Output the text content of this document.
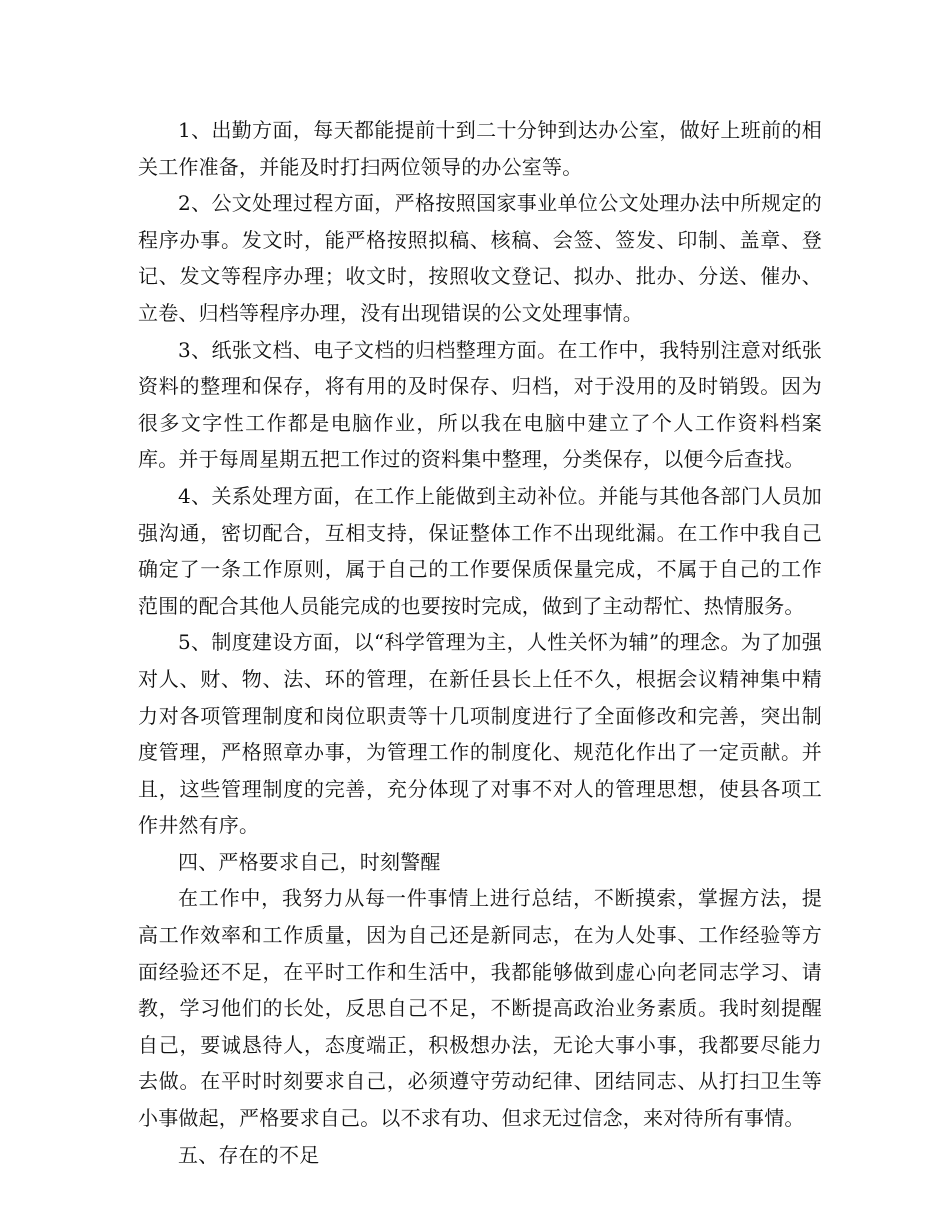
1、出勤方面，每天都能提前十到二十分钟到达办公室，做好上班前的相关工作准备，并能及时打扫两位领导的办公室等。

2、公文处理过程方面，严格按照国家事业单位公文处理办法中所规定的程序办事。发文时，能严格按照拟稿、核稿、会签、签发、印制、盖章、登记、发文等程序办理；收文时，按照收文登记、拟办、批办、分送、催办、立卷、归档等程序办理，没有出现错误的公文处理事情。

3、纸张文档、电子文档的归档整理方面。在工作中，我特别注意对纸张资料的整理和保存，将有用的及时保存、归档，对于没用的及时销毁。因为很多文字性工作都是电脑作业，所以我在电脑中建立了个人工作资料档案库。并于每周星期五把工作过的资料集中整理，分类保存，以便今后查找。

4、关系处理方面，在工作上能做到主动补位。并能与其他各部门人员加强沟通，密切配合，互相支持，保证整体工作不出现纰漏。在工作中我自己确定了一条工作原则，属于自己的工作要保质保量完成，不属于自己的工作范围的配合其他人员能完成的也要按时完成，做到了主动帮忙、热情服务。

5、制度建设方面，以“科学管理为主，人性关怀为辅”的理念。为了加强对人、财、物、法、环的管理，在新任县长上任不久，根据会议精神集中精力对各项管理制度和岗位职责等十几项制度进行了全面修改和完善，突出制度管理，严格照章办事，为管理工作的制度化、规范化作出了一定贡献。并且，这些管理制度的完善，充分体现了对事不对人的管理思想，使县各项工作井然有序。

四、严格要求自己，时刻警醒

在工作中，我努力从每一件事情上进行总结，不断摸索，掌握方法，提高工作效率和工作质量，因为自己还是新同志，在为人处事、工作经验等方面经验还不足，在平时工作和生活中，我都能够做到虚心向老同志学习、请教，学习他们的长处，反思自己不足，不断提高政治业务素质。我时刻提醒自己，要诚恳待人，态度端正，积极想办法，无论大事小事，我都要尽能力去做。在平时时刻要求自己，必须遵守劳动纪律、团结同志、从打扫卫生等小事做起，严格要求自己。以不求有功、但求无过信念，来对待所有事情。

五、存在的不足
